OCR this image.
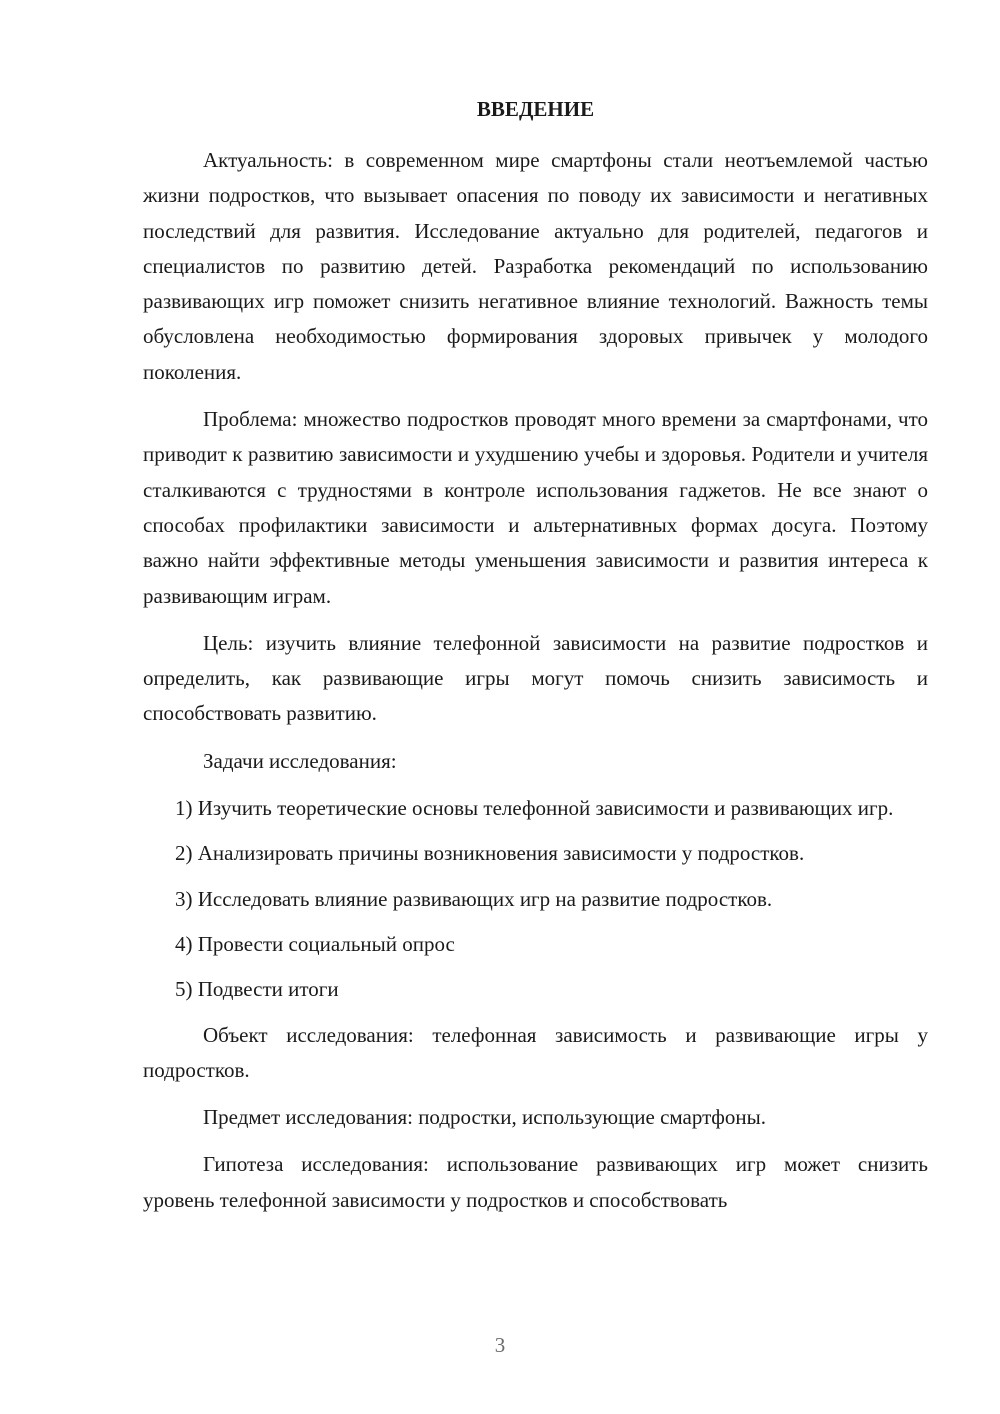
ВВЕДЕНИЕ

Актуальность: в современном мире смартфоны стали неотъемлемой частью жизни подростков, что вызывает опасения по поводу их зависимости и негативных последствий для развития. Исследование актуально для родителей, педагогов и специалистов по развитию детей. Разработка рекомендаций по использованию развивающих игр поможет снизить негативное влияние технологий. Важность темы обусловлена необходимостью формирования здоровых привычек у молодого поколения.

Проблема: множество подростков проводят много времени за смартфонами, что приводит к развитию зависимости и ухудшению учебы и здоровья. Родители и учителя сталкиваются с трудностями в контроле использования гаджетов. Не все знают о способах профилактики зависимости и альтернативных формах досуга. Поэтому важно найти эффективные методы уменьшения зависимости и развития интереса к развивающим играм.

Цель: изучить влияние телефонной зависимости на развитие подростков и определить, как развивающие игры могут помочь снизить зависимость и способствовать развитию.

Задачи исследования:

1) Изучить теоретические основы телефонной зависимости и развивающих игр.

2) Анализировать причины возникновения зависимости у подростков.

3) Исследовать влияние развивающих игр на развитие подростков.

4) Провести социальный опрос

5) Подвести итоги

Объект исследования: телефонная зависимость и развивающие игры у подростков.

Предмет исследования: подростки, использующие смартфоны.

Гипотеза исследования: использование развивающих игр может снизить уровень телефонной зависимости у подростков и способствовать

3
